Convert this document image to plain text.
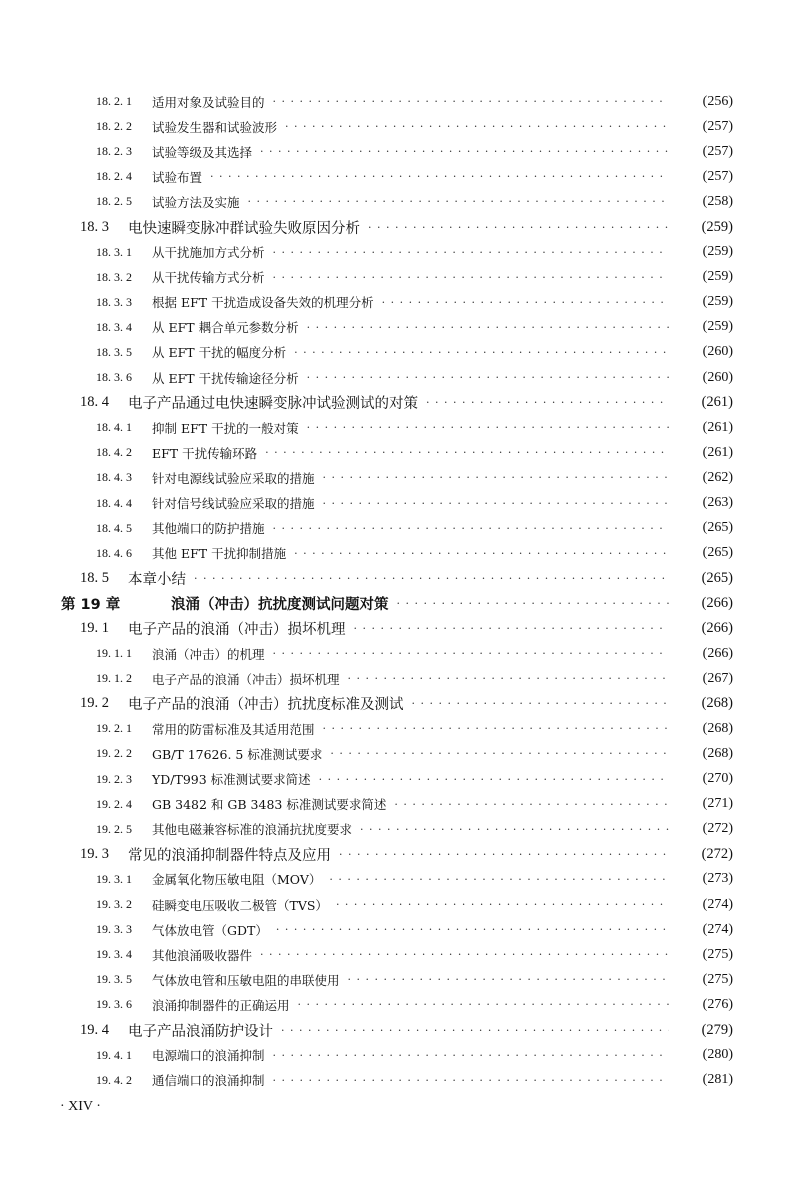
18. 2. 1	适用对象及试验目的 · · ·	(256)
18. 2. 2	试验发生器和试验波形 · · ·	(257)
18. 2. 3	试验等级及其选择 · · ·	(257)
18. 2. 4	试验布置 · · ·	(257)
18. 2. 5	试验方法及实施 · · ·	(258)
18. 3	电快速瞬变脉冲群试验失败原因分析 · · ·	(259)
18. 3. 1	从干扰施加方式分析 · · ·	(259)
18. 3. 2	从干扰传输方式分析 · · ·	(259)
18. 3. 3	根据 EFT 干扰造成设备失效的机理分析 · · ·	(259)
18. 3. 4	从 EFT 耦合单元参数分析 · · ·	(259)
18. 3. 5	从 EFT 干扰的幅度分析 · · ·	(260)
18. 3. 6	从 EFT 干扰传输途径分析 · · ·	(260)
18. 4	电子产品通过电快速瞬变脉冲试验测试的对策 · · ·	(261)
18. 4. 1	抑制 EFT 干扰的一般对策 · · ·	(261)
18. 4. 2	EFT 干扰传输环路 · · ·	(261)
18. 4. 3	针对电源线试验应采取的措施 · · ·	(262)
18. 4. 4	针对信号线试验应采取的措施 · · ·	(263)
18. 4. 5	其他端口的防护措施 · · ·	(265)
18. 4. 6	其他 EFT 干扰抑制措施 · · ·	(265)
18. 5	本章小结 · · ·	(265)
第 19 章	浪涌（冲击）抗扰度测试问题对策 · · ·	(266)
19. 1	电子产品的浪涌（冲击）损坏机理 · · ·	(266)
19. 1. 1	浪涌（冲击）的机理 · · ·	(266)
19. 1. 2	电子产品的浪涌（冲击）损坏机理 · · ·	(267)
19. 2	电子产品的浪涌（冲击）抗扰度标准及测试 · · ·	(268)
19. 2. 1	常用的防雷标准及其适用范围 · · ·	(268)
19. 2. 2	GB/T 17626. 5 标准测试要求 · · ·	(268)
19. 2. 3	YD/T993 标准测试要求简述 · · ·	(270)
19. 2. 4	GB 3482 和 GB 3483 标准测试要求简述 · · ·	(271)
19. 2. 5	其他电磁兼容标准的浪涌抗扰度要求 · · ·	(272)
19. 3	常见的浪涌抑制器件特点及应用 · · ·	(272)
19. 3. 1	金属氧化物压敏电阻（MOV） · · ·	(273)
19. 3. 2	硅瞬变电压吸收二极管（TVS） · · ·	(274)
19. 3. 3	气体放电管（GDT） · · ·	(274)
19. 3. 4	其他浪涌吸收器件 · · ·	(275)
19. 3. 5	气体放电管和压敏电阻的串联使用 · · ·	(275)
19. 3. 6	浪涌抑制器件的正确运用 · · ·	(276)
19. 4	电子产品浪涌防护设计 · · ·	(279)
19. 4. 1	电源端口的浪涌抑制 · · ·	(280)
19. 4. 2	通信端口的浪涌抑制 · · ·	(281)
· XIV ·
